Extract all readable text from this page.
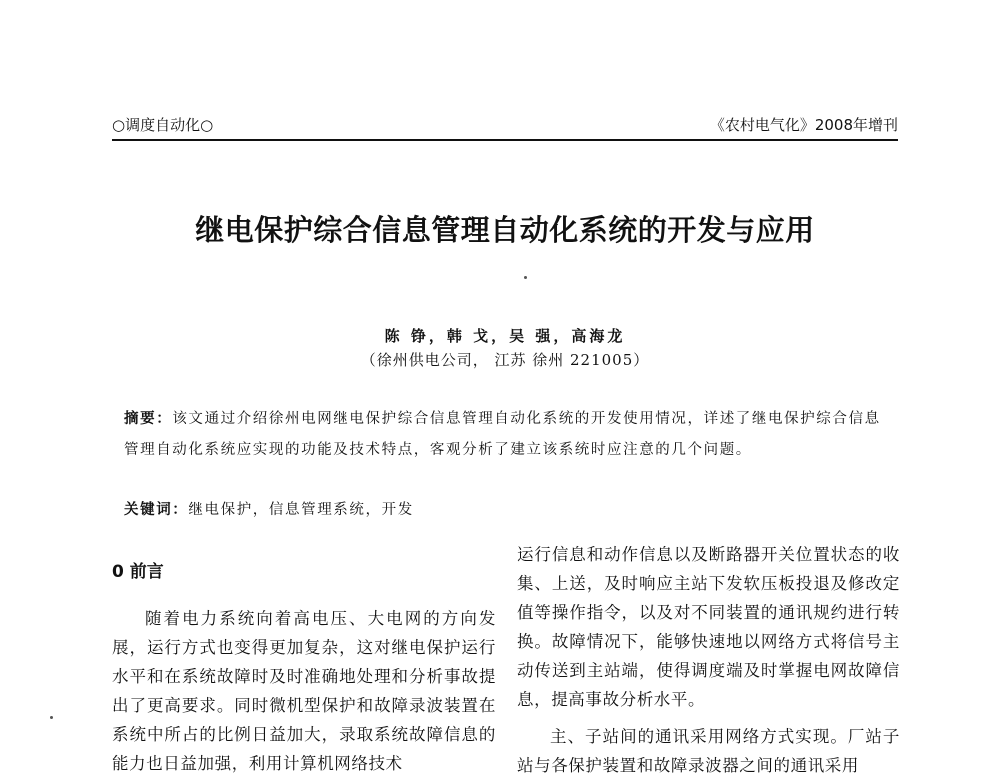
○调度自动化○	《农村电气化》2008年增刊
继电保护综合信息管理自动化系统的开发与应用
陈 铮，韩 戈，吴 强，高海龙
（徐州供电公司， 江苏 徐州 221005）
摘要：该文通过介绍徐州电网继电保护综合信息管理自动化系统的开发使用情况，详述了继电保护综合信息管理自动化系统应实现的功能及技术特点，客观分析了建立该系统时应注意的几个问题。
关键词：继电保护，信息管理系统，开发
0 前言

随着电力系统向着高电压、大电网的方向发展，运行方式也变得更加复杂，这对继电保护运行水平和在系统故障时及时准确地处理和分析事故提出了更高要求。同时微机型保护和故障录波装置在系统中所占的比例日益加大，录取系统故障信息的能力也日益加强，利用计算机网络技术

运行信息和动作信息以及断路器开关位置状态的收集、上送，及时响应主站下发软压板投退及修改定值等操作指令，以及对不同装置的通讯规约进行转换。故障情况下，能够快速地以网络方式将信号主动传送到主站端，使得调度端及时掌握电网故障信息，提高事故分析水平。

主、子站间的通讯采用网络方式实现。厂站子站与各保护装置和故障录波器之间的通讯采用
